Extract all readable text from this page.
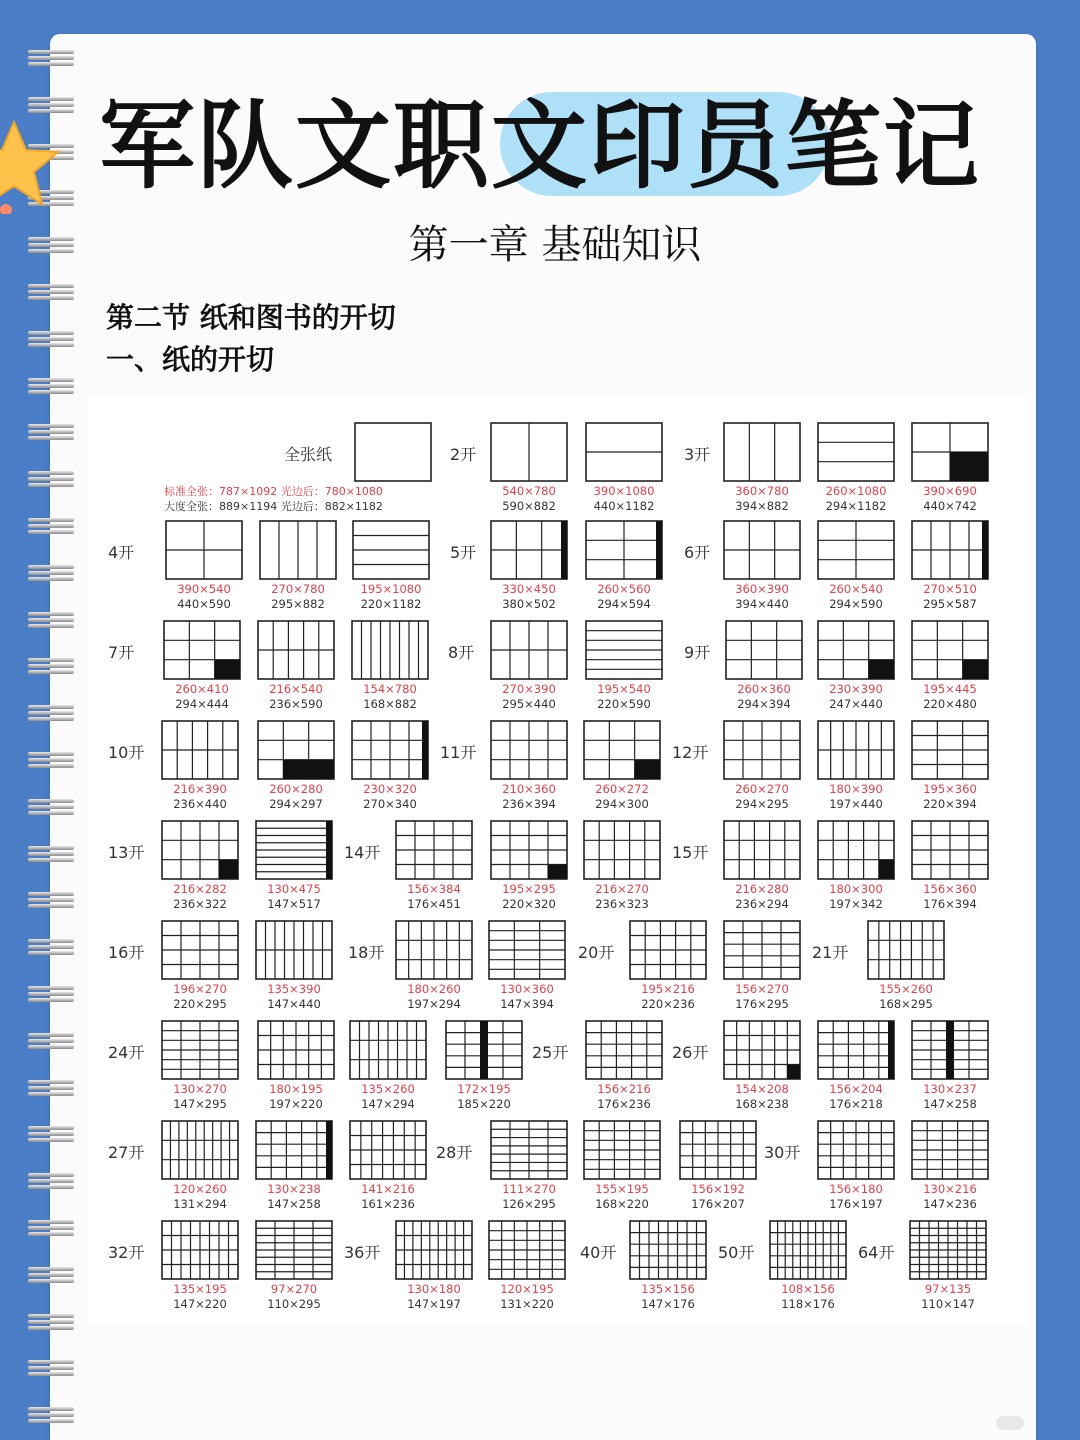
军队文职文印员笔记
第一章 基础知识
第二节 纸和图书的开切
一、纸的开切
标准全张：787×1092 光边后：780×1080
大度全张：889×1194 光边后：882×1182
全张纸	2开
540×780
590×882
390×1080
440×1182
3开
360×780
394×882
260×1080
294×1182
390×690
440×742
4开
390×540
440×590
270×780
295×882
195×1080
220×1182
5开
330×450
380×502
260×560
294×594
6开
360×390
394×440
260×540
294×590
270×510
295×587
7开
260×410
294×444
216×540
236×590
154×780
168×882
8开
270×390
295×440
195×540
220×590
9开
260×360
294×394
230×390
247×440
195×445
220×480
10开
216×390
236×440
260×280
294×297
230×320
270×340
11开
210×360
236×394
260×272
294×300
12开
260×270
294×295
180×390
197×440
195×360
220×394
13开
216×282
236×322
130×475
147×517
14开
156×384
176×451
195×295
220×320
216×270
236×323
15开
216×280
236×294
180×300
197×342
156×360
176×394
16开
196×270
220×295
135×390
147×440
18开
180×260
197×294
130×360
147×394
20开
195×216
220×236
156×270
176×295
21开
155×260
168×295
24开
130×270
147×295
180×195
197×220
135×260
147×294
172×195
185×220
25开
156×216
176×236
26开
154×208
168×238
156×204
176×218
130×237
147×258
27开
120×260
131×294
130×238
147×258
141×216
161×236
28开
111×270
126×295
155×195
168×220
156×192
176×207
30开
156×180
176×197
130×216
147×236
32开
135×195
147×220
97×270
110×295
36开
130×180
147×197
120×195
131×220
40开
135×156
147×176
50开
108×156
118×176
64开
97×135
110×147
